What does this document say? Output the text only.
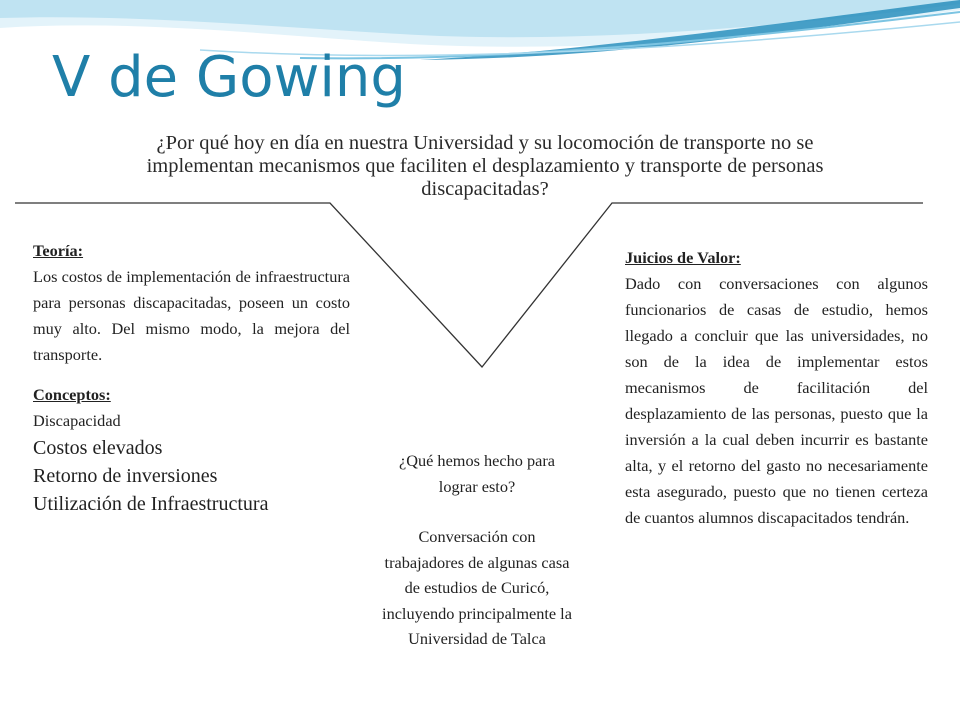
V de Gowing
¿Por qué hoy en día en nuestra Universidad y su locomoción de transporte no se implementan mecanismos que faciliten el desplazamiento y transporte de personas discapacitadas?
Teoría:
Los costos de implementación de infraestructura para personas discapacitadas, poseen un costo muy alto. Del mismo modo, la mejora del transporte.
Conceptos:
Discapacidad
Costos elevados
Retorno de inversiones
Utilización de Infraestructura
¿Qué hemos hecho para lograr esto?
Conversación con trabajadores de algunas casa de estudios de Curicó, incluyendo principalmente la Universidad de Talca
Juicios de Valor:
Dado con conversaciones con algunos funcionarios de casas de estudio, hemos llegado a concluir que las universidades, no son de la idea de implementar estos mecanismos de facilitación del desplazamiento de las personas, puesto que la inversión a la cual deben incurrir es bastante alta, y el retorno del gasto no necesariamente esta asegurado, puesto que no tienen certeza de cuantos alumnos discapacitados tendrán.
